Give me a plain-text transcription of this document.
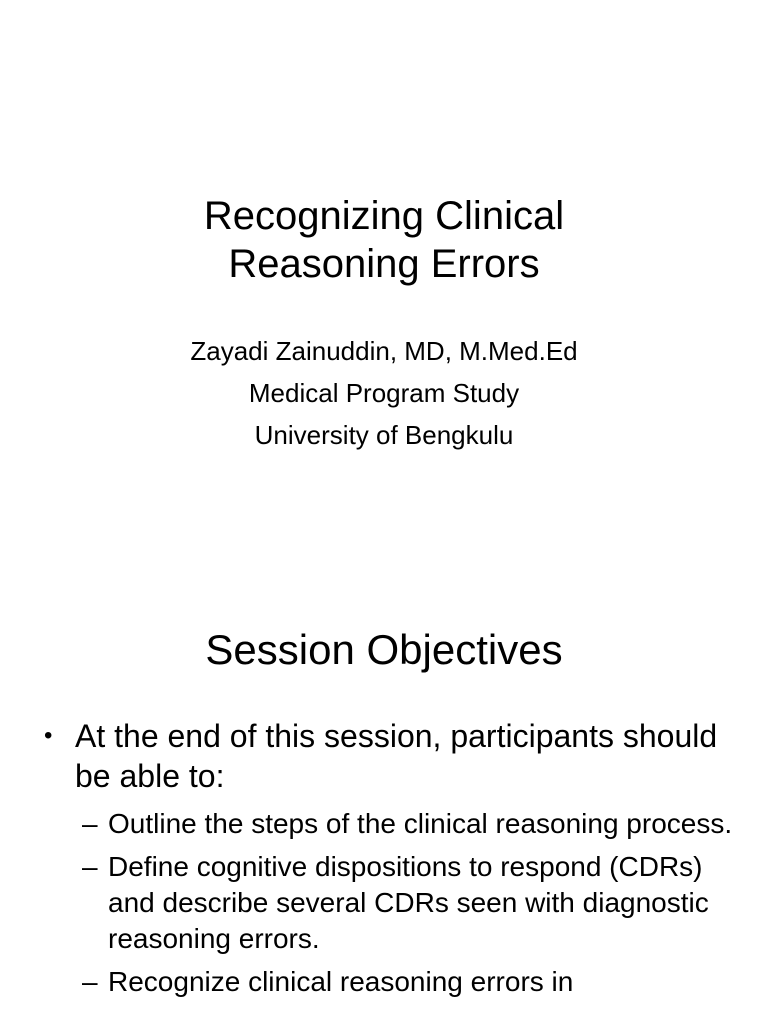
Recognizing Clinical
Reasoning Errors
Zayadi Zainuddin, MD, M.Med.Ed
Medical Program Study
University of Bengkulu
Session Objectives
• At the end of this session, participants should be able to:
– Outline the steps of the clinical reasoning process.
– Define cognitive dispositions to respond (CDRs) and describe several CDRs seen with diagnostic reasoning errors.
– Recognize clinical reasoning errors in
